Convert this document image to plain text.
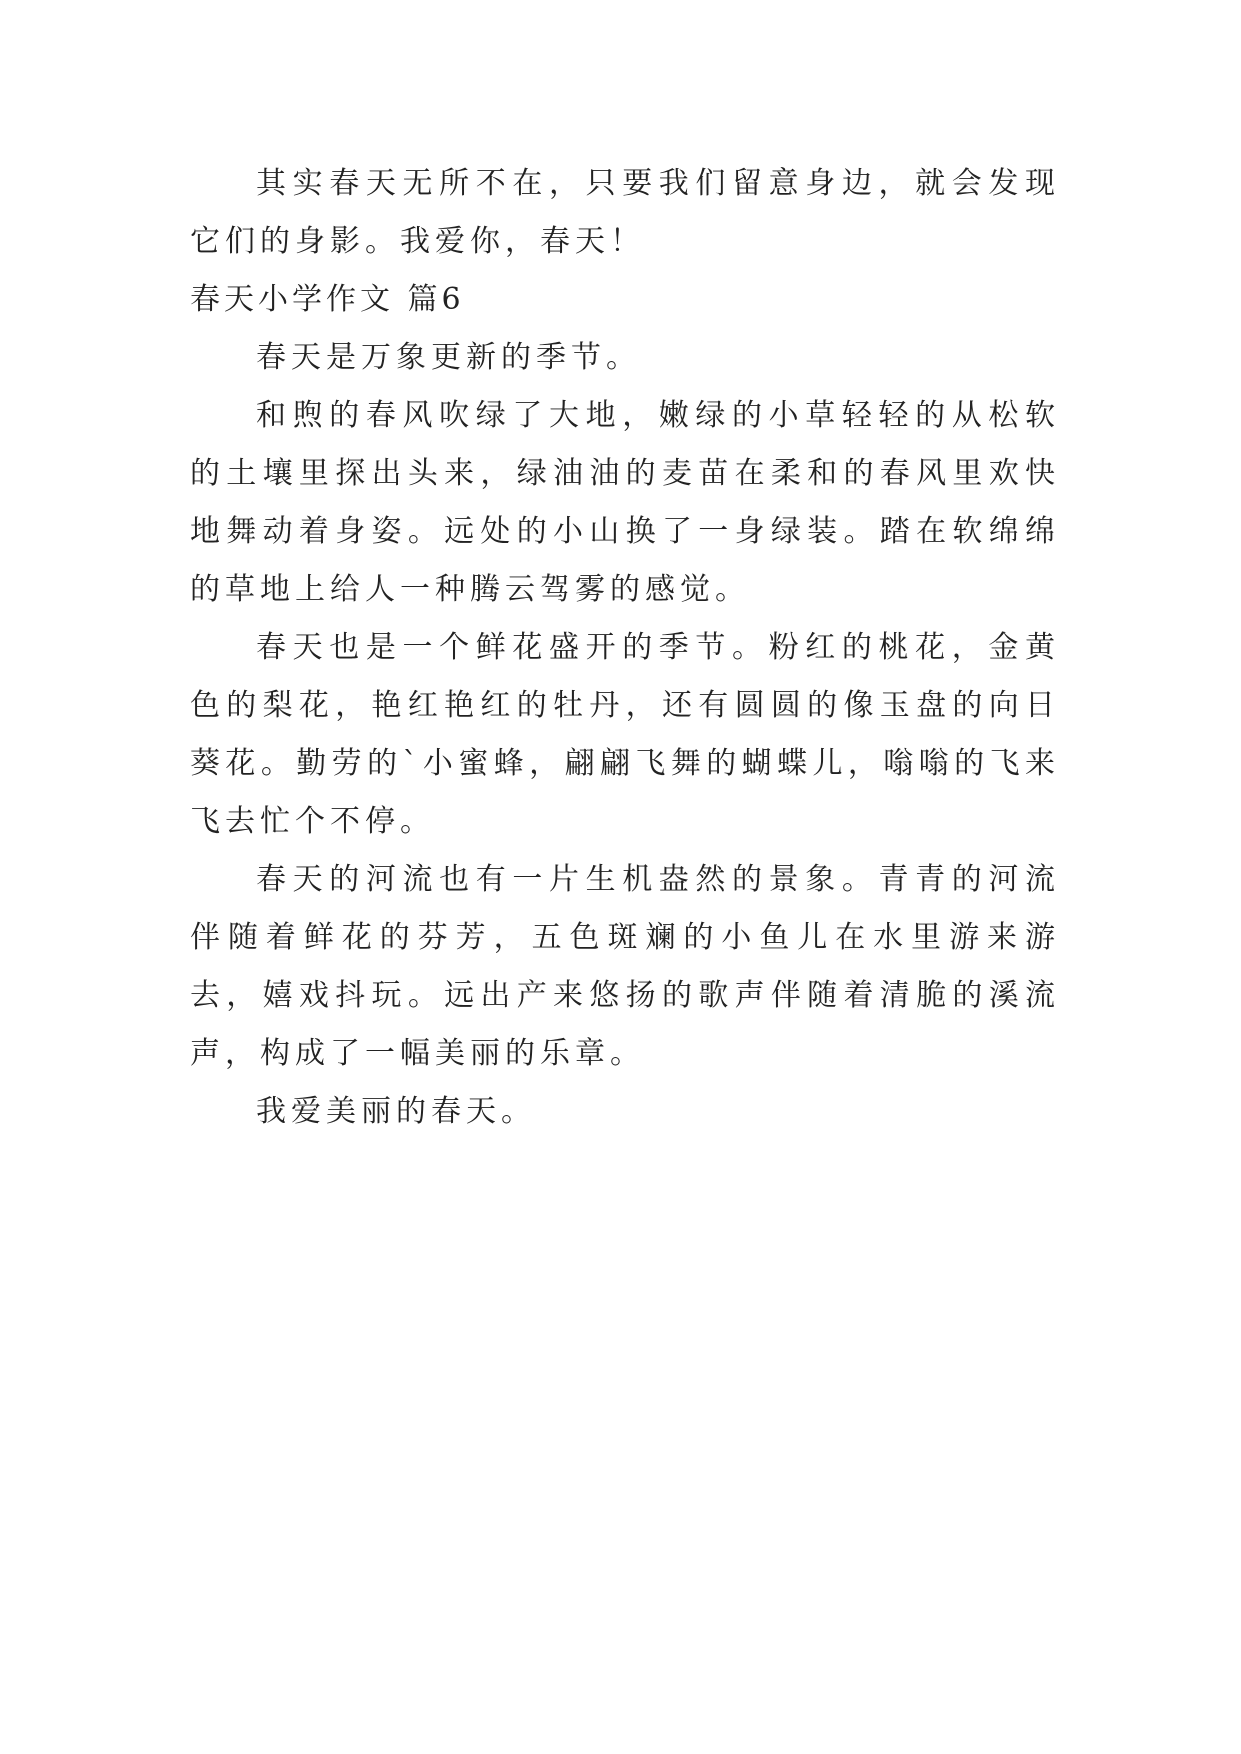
其实春天无所不在，只要我们留意身边，就会发现它们的身影。我爱你，春天！

春天小学作文 篇6

春天是万象更新的季节。

和煦的春风吹绿了大地，嫩绿的小草轻轻的从松软的土壤里探出头来，绿油油的麦苗在柔和的春风里欢快地舞动着身姿。远处的小山换了一身绿装。踏在软绵绵的草地上给人一种腾云驾雾的感觉。

春天也是一个鲜花盛开的季节。粉红的桃花，金黄色的梨花，艳红艳红的牡丹，还有圆圆的像玉盘的向日葵花。勤劳的`小蜜蜂，翩翩飞舞的蝴蝶儿，嗡嗡的飞来飞去忙个不停。

春天的河流也有一片生机盎然的景象。青青的河流伴随着鲜花的芬芳，五色斑斓的小鱼儿在水里游来游去，嬉戏抖玩。远出产来悠扬的歌声伴随着清脆的溪流声，构成了一幅美丽的乐章。

我爱美丽的春天。
